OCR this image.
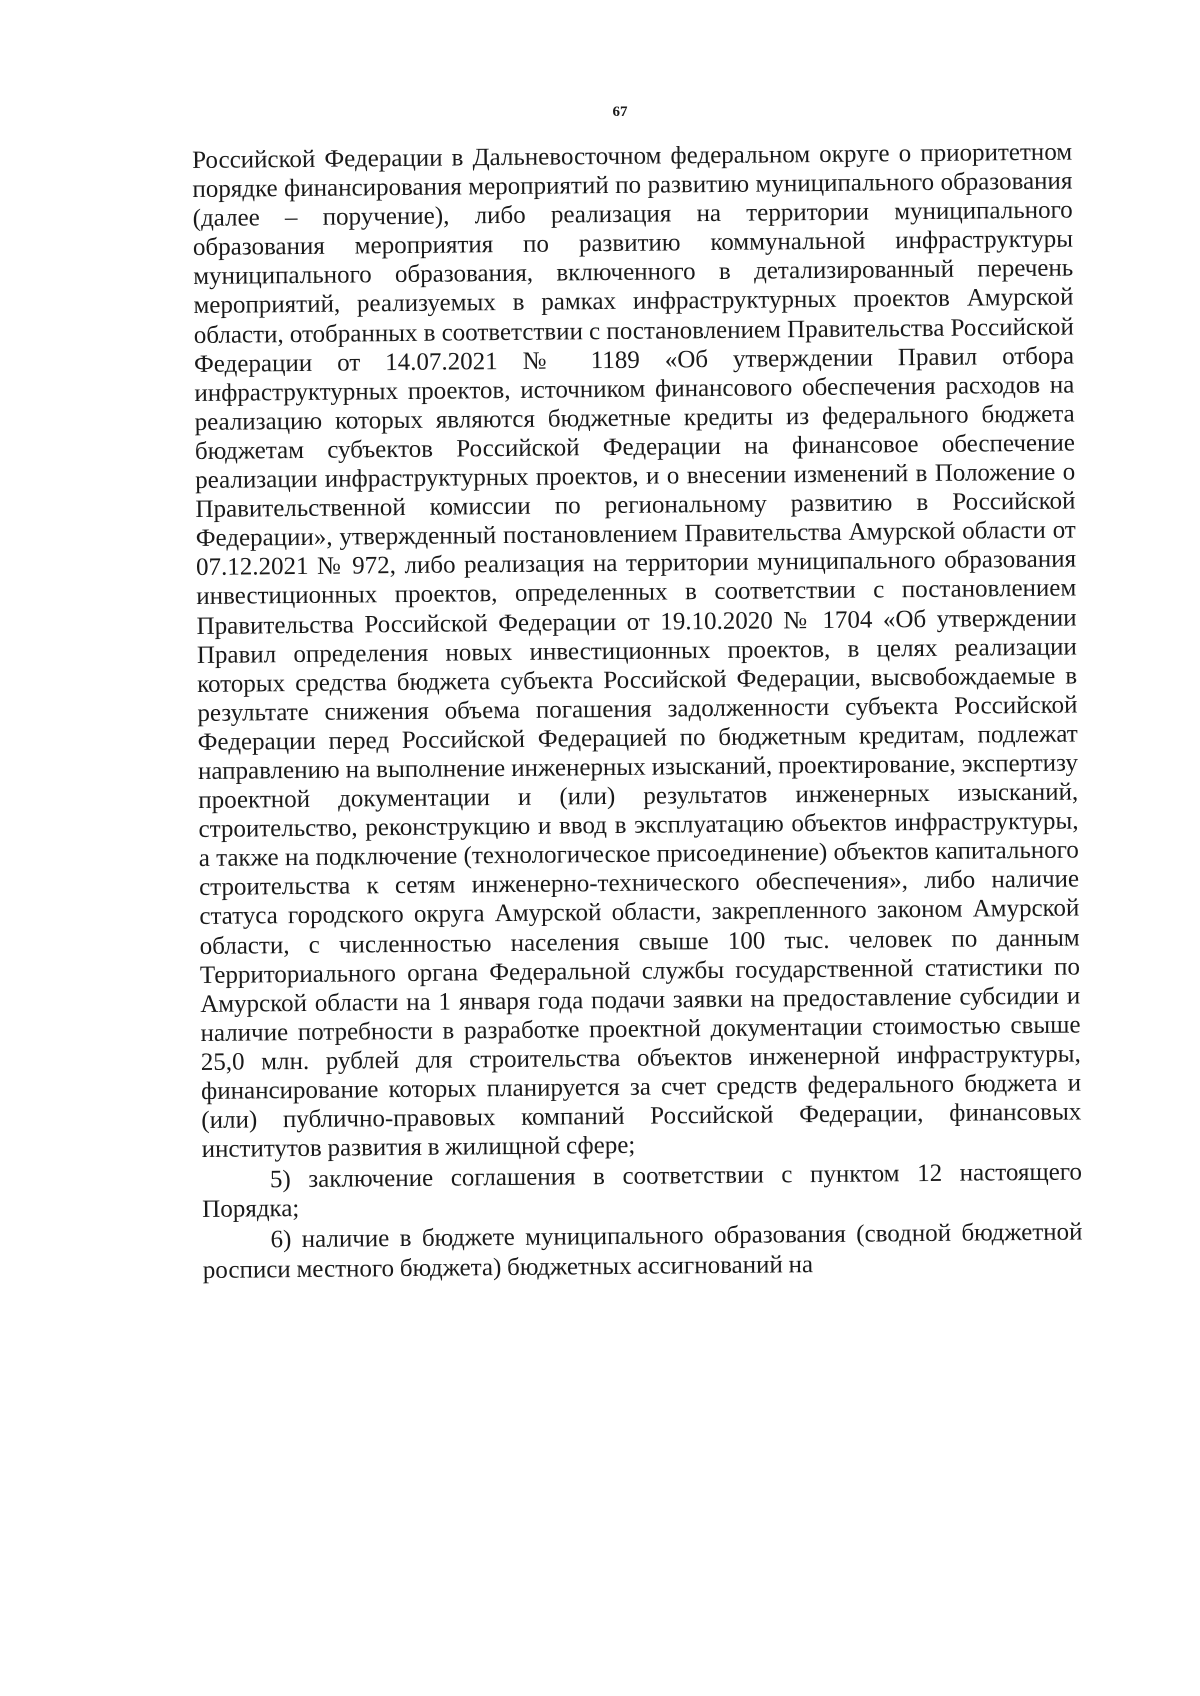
67

Российской Федерации в Дальневосточном федеральном округе о приоритетном порядке финансирования мероприятий по развитию муниципального образования (далее – поручение), либо реализация на территории муниципального образования мероприятия по развитию коммунальной инфраструктуры муниципального образования, включенного в детализированный перечень мероприятий, реализуемых в рамках инфраструктурных проектов Амурской области, отобранных в соответствии с постановлением Правительства Российской Федерации от 14.07.2021 № 1189 «Об утверждении Правил отбора инфраструктурных проектов, источником финансового обеспечения расходов на реализацию которых являются бюджетные кредиты из федерального бюджета бюджетам субъектов Российской Федерации на финансовое обеспечение реализации инфраструктурных проектов, и о внесении изменений в Положение о Правительственной комиссии по региональному развитию в Российской Федерации», утвержденный постановлением Правительства Амурской области от 07.12.2021 № 972, либо реализация на территории муниципального образования инвестиционных проектов, определенных в соответствии с постановлением Правительства Российской Федерации от 19.10.2020 № 1704 «Об утверждении Правил определения новых инвестиционных проектов, в целях реализации которых средства бюджета субъекта Российской Федерации, высвобождаемые в результате снижения объема погашения задолженности субъекта Российской Федерации перед Российской Федерацией по бюджетным кредитам, подлежат направлению на выполнение инженерных изысканий, проектирование, экспертизу проектной документации и (или) результатов инженерных изысканий, строительство, реконструкцию и ввод в эксплуатацию объектов инфраструктуры, а также на подключение (технологическое присоединение) объектов капитального строительства к сетям инженерно-технического обеспечения», либо наличие статуса городского округа Амурской области, закрепленного законом Амурской области, с численностью населения свыше 100 тыс. человек по данным Территориального органа Федеральной службы государственной статистики по Амурской области на 1 января года подачи заявки на предоставление субсидии и наличие потребности в разработке проектной документации стоимостью свыше 25,0 млн. рублей для строительства объектов инженерной инфраструктуры, финансирование которых планируется за счет средств федерального бюджета и (или) публично-правовых компаний Российской Федерации, финансовых институтов развития в жилищной сфере;

5) заключение соглашения в соответствии с пунктом 12 настоящего Порядка;

6) наличие в бюджете муниципального образования (сводной бюджетной росписи местного бюджета) бюджетных ассигнований на
